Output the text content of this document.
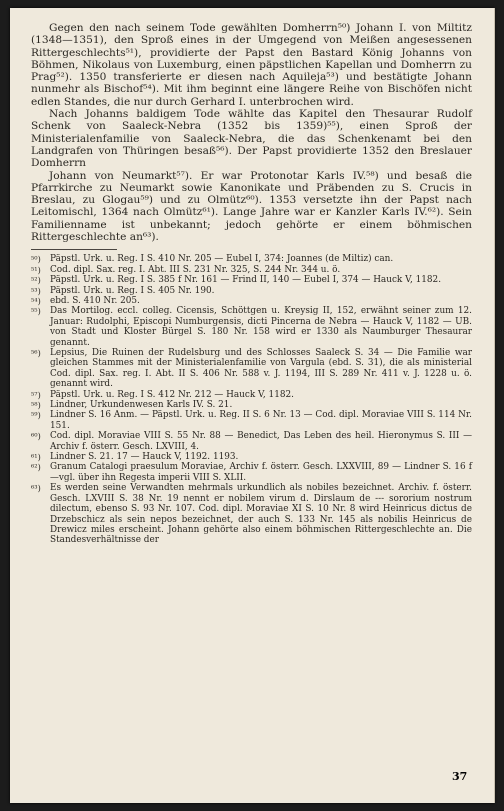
Gegen den nach seinem Tode gewählten Domherrn⁵⁰) Johann I. von Miltitz (1348—1351), den Sproß eines in der Umgegend von Meißen angesessenen Rittergeschlechts⁵¹), providierte der Papst den Bastard König Johanns von Böhmen, Nikolaus von Luxemburg, einen päpstlichen Kapellan und Domherrn zu Prag⁵²). 1350 transferierte er diesen nach Aquileja⁵³) und bestätigte Johann nunmehr als Bischof⁵⁴). Mit ihm beginnt eine längere Reihe von Bischöfen nicht edlen Standes, die nur durch Gerhard I. unterbrochen wird.

Nach Johanns baldigem Tode wählte das Kapitel den Thesaurar Rudolf Schenk von Saaleck-Nebra (1352 bis 1359)⁵⁵), einen Sproß der Ministerialenfamilie von Saaleck-Nebra, die das Schenkenamt bei den Landgrafen von Thüringen besaß⁵⁶). Der Papst providierte 1352 den Breslauer Domherrn

Johann von Neumarkt⁵⁷). Er war Protonotar Karls IV.⁵⁸) und besaß die Pfarrkirche zu Neumarkt sowie Kanonikate und Präbenden zu S. Crucis in Breslau, zu Glogau⁵⁹) und zu Olmütz⁶⁰). 1353 versetzte ihn der Papst nach Leitomischl, 1364 nach Olmütz⁶¹). Lange Jahre war er Kanzler Karls IV.⁶²). Sein Familienname ist unbekannt; jedoch gehörte er einem böhmischen Rittergeschlechte an⁶³).

⁵⁰)	Päpstl. Urk. u. Reg. I S. 410 Nr. 205 — Eubel I, 374: Joannes (de Miltiz) can.
⁵¹)	Cod. dipl. Sax. reg. I. Abt. III S. 231 Nr. 325, S. 244 Nr. 344 u. ö.
⁵²)	Päpstl. Urk. u. Reg. I S. 385 f Nr. 161 — Frind II, 140 — Eubel I, 374 — Hauck V, 1182.
⁵³)	Päpstl. Urk. u. Reg. I S. 405 Nr. 190.
⁵⁴)	ebd. S. 410 Nr. 205.
⁵⁵)	Das Mortilog. eccl. colleg. Cicensis, Schöttgen u. Kreysig II, 152, erwähnt seiner zum 12. Januar: Rudolphi, Episcopi Numburgensis, dicti Pincerna de Nebra — Hauck V, 1182 — UB. von Stadt und Kloster Bürgel S. 180 Nr. 158 wird er 1330 als Naumburger Thesaurar genannt.
⁵⁶)	Lepsius, Die Ruinen der Rudelsburg und des Schlosses Saaleck S. 34 — Die Familie war gleichen Stammes mit der Ministerialenfamilie von Vargula (ebd. S. 31), die als ministerial Cod. dipl. Sax. reg. I. Abt. II S. 406 Nr. 588 v. J. 1194, III S. 289 Nr. 411 v. J. 1228 u. ö. genannt wird.
⁵⁷)	Päpstl. Urk. u. Reg. I S. 412 Nr. 212 — Hauck V, 1182.
⁵⁸)	Lindner, Urkundenwesen Karls IV. S. 21.
⁵⁹)	Lindner S. 16 Anm. — Päpstl. Urk. u. Reg. II S. 6 Nr. 13 — Cod. dipl. Moraviae VIII S. 114 Nr. 151.
⁶⁰)	Cod. dipl. Moraviae VIII S. 55 Nr. 88 — Benedict, Das Leben des heil. Hieronymus S. III — Archiv f. österr. Gesch. LXVIII, 4.
⁶¹)	Lindner S. 21. 17 — Hauck V, 1192. 1193.
⁶²)	Granum Catalogi praesulum Moraviae, Archiv f. österr. Gesch. LXXVIII, 89 — Lindner S. 16 f —vgl. über ihn Regesta imperii VIII S. XLII.
⁶³)	Es werden seine Verwandten mehrmals urkundlich als nobiles bezeichnet. Archiv. f. österr. Gesch. LXVIII S. 38 Nr. 19 nennt er nobilem virum d. Dirslaum de --- sororium nostrum dilectum, ebenso S. 93 Nr. 107. Cod. dipl. Moraviae XI S. 10 Nr. 8 wird Heinricus dictus de Drzebschicz als sein nepos bezeichnet, der auch S. 133 Nr. 145 als nobilis Heinricus de Drewicz miles erscheint. Johann gehörte also einem böhmischen Rittergeschlechte an. Die Standesverhältnisse der
37
